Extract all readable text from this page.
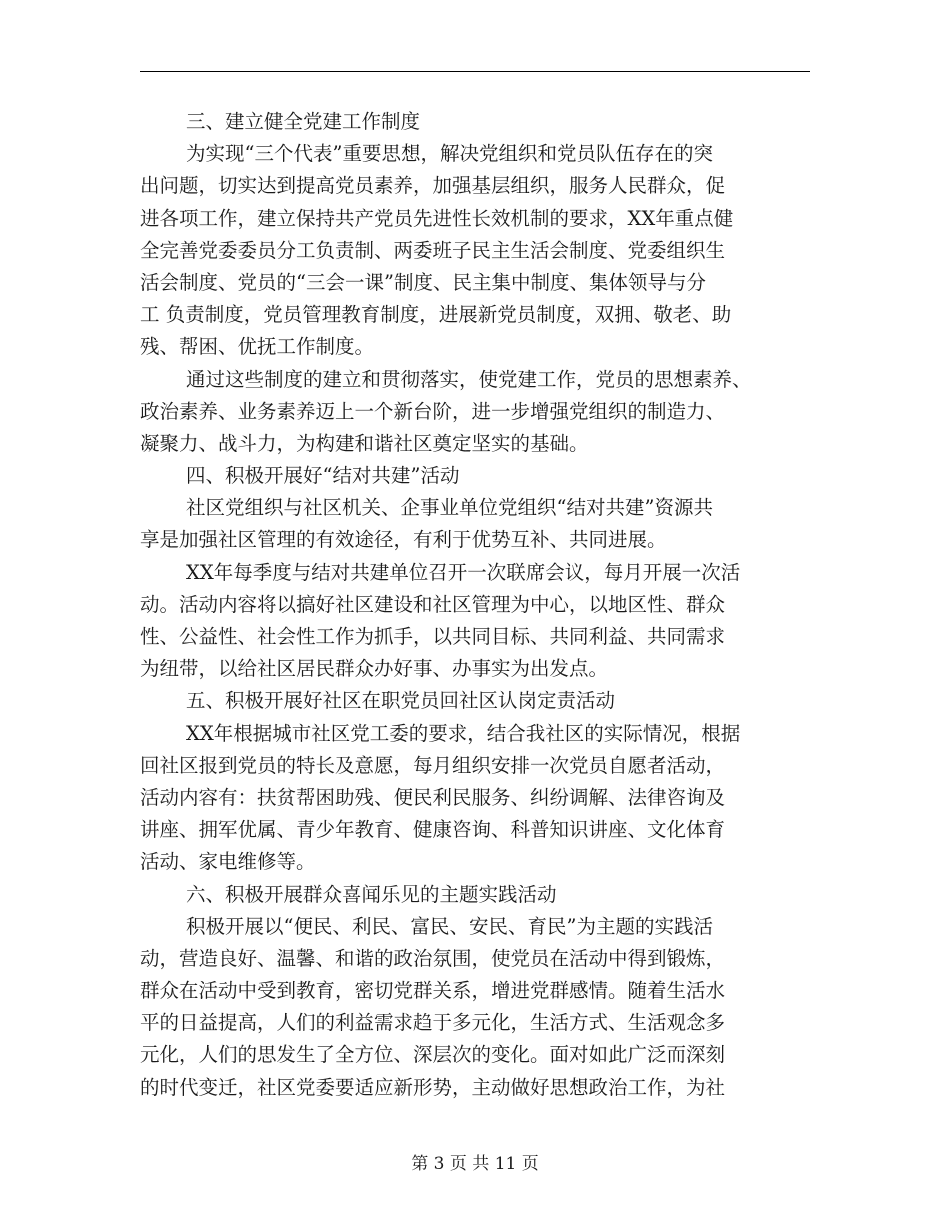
三、建立健全党建工作制度
为实现“三个代表”重要思想，解决党组织和党员队伍存在的突
出问题，切实达到提高党员素养，加强基层组织，服务人民群众，促
进各项工作，建立保持共产党员先进性长效机制的要求，XX年重点健
全完善党委委员分工负责制、两委班子民主生活会制度、党委组织生
活会制度、党员的“三会一课”制度、民主集中制度、集体领导与分
工 负责制度，党员管理教育制度，进展新党员制度，双拥、敬老、助
残、帮困、优抚工作制度。
通过这些制度的建立和贯彻落实，使党建工作，党员的思想素养、
政治素养、业务素养迈上一个新台阶，进一步增强党组织的制造力、
凝聚力、战斗力，为构建和谐社区奠定坚实的基础。
四、积极开展好“结对共建”活动
社区党组织与社区机关、企事业单位党组织“结对共建”资源共
享是加强社区管理的有效途径，有利于优势互补、共同进展。
XX年每季度与结对共建单位召开一次联席会议，每月开展一次活
动。活动内容将以搞好社区建设和社区管理为中心，以地区性、群众
性、公益性、社会性工作为抓手，以共同目标、共同利益、共同需求
为纽带，以给社区居民群众办好事、办事实为出发点。
五、积极开展好社区在职党员回社区认岗定责活动
XX年根据城市社区党工委的要求，结合我社区的实际情况，根据
回社区报到党员的特长及意愿，每月组织安排一次党员自愿者活动，
活动内容有：扶贫帮困助残、便民利民服务、纠纷调解、法律咨询及
讲座、拥军优属、青少年教育、健康咨询、科普知识讲座、文化体育
活动、家电维修等。
六、积极开展群众喜闻乐见的主题实践活动
积极开展以“便民、利民、富民、安民、育民”为主题的实践活
动，营造良好、温馨、和谐的政治氛围，使党员在活动中得到锻炼，
群众在活动中受到教育，密切党群关系，增进党群感情。随着生活水
平的日益提高，人们的利益需求趋于多元化，生活方式、生活观念多
元化，人们的思发生了全方位、深层次的变化。面对如此广泛而深刻
的时代变迁，社区党委要适应新形势，主动做好思想政治工作，为社
第 3 页 共 11 页
